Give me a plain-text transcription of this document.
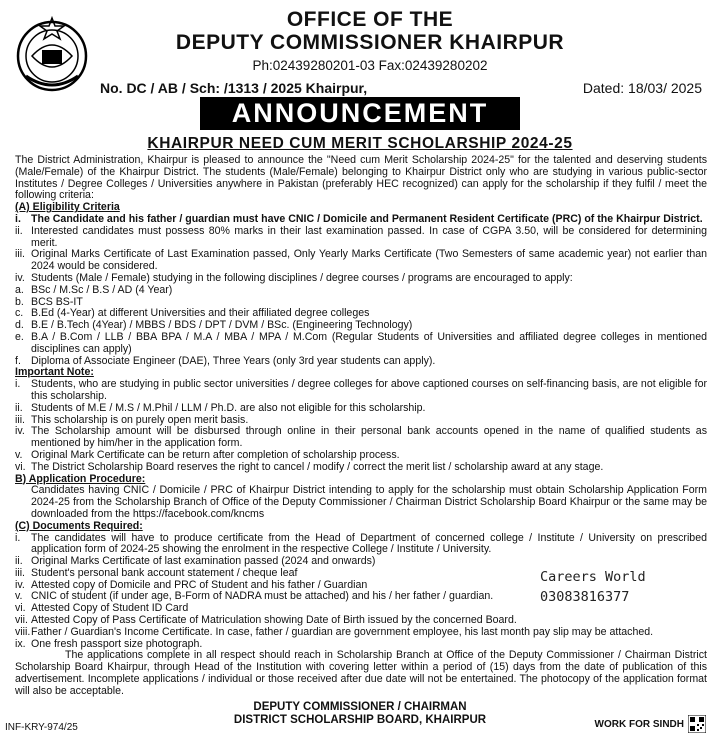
OFFICE OF THE
DEPUTY COMMISSIONER KHAIRPUR
Ph:02439280201-03 Fax:02439280202
No. DC / AB / Sch: /1313 / 2025 Khairpur,	Dated: 18/03/ 2025
ANNOUNCEMENT
KHAIRPUR NEED CUM MERIT SCHOLARSHIP 2024-25

The District Administration, Khairpur is pleased to announce the "Need cum Merit Scholarship 2024-25" for the talented and deserving students (Male/Female) of the Khairpur District. The students (Male/Female) belonging to Khairpur District only who are studying in various public-sector Institutes / Degree Colleges / Universities anywhere in Pakistan (preferably HEC recognized) can apply for the scholarship if they fulfil / meet the following criteria:

(A) Eligibility Criteria

i. The Candidate and his father / guardian must have CNIC / Domicile and Permanent Resident Certificate (PRC) of the Khairpur District.
ii. Interested candidates must possess 80% marks in their last examination passed. In case of CGPA 3.50, will be considered for determining merit.
iii. Original Marks Certificate of Last Examination passed, Only Yearly Marks Certificate (Two Semesters of same academic year) not earlier than 2024 would be considered.
iv. Students (Male / Female) studying in the following disciplines / degree courses / programs are encouraged to apply:
a. BSc / M.Sc / B.S / AD (4 Year)
b. BCS BS-IT
c. B.Ed (4-Year) at different Universities and their affiliated degree colleges
d. B.E / B.Tech (4Year) / MBBS / BDS / DPT / DVM / BSc. (Engineering Technology)
e. B.A / B.Com / LLB / BBA BPA / M.A / MBA / MPA / M.Com (Regular Students of Universities and affiliated degree colleges in mentioned disciplines can apply)
f. Diploma of Associate Engineer (DAE), Three Years (only 3rd year students can apply).

Important Note:

i.	Students, who are studying in public sector universities / degree colleges for above captioned courses on self-financing basis, are not eligible for this scholarship.
ii. Students of M.E / M.S / M.Phil / LLM / Ph.D. are also not eligible for this scholarship.
iii. This scholarship is on purely open merit basis.
iv. The Scholarship amount will be disbursed through online in their personal bank accounts opened in the name of qualified students as mentioned by him/her in the application form.
v. Original Mark Certificate can be return after completion of scholarship process.
vi. The District Scholarship Board reserves the right to cancel / modify / correct the merit list / scholarship award at any stage.

B) Application Procedure:

Candidates having CNIC / Domicile / PRC of Khairpur District intending to apply for the scholarship must obtain Scholarship Application Form 2024-25 from the Scholarship Branch of Office of the Deputy Commissioner / Chairman District Scholarship Board Khairpur or the same may be downloaded from the https://facebook.com/kncms

(C) Documents Required:

i.	The candidates will have to produce certificate from the Head of Department of concerned college / Institute / University on prescribed application form of 2024-25 showing the enrolment in the respective College / Institute / University.
ii. Original Marks Certificate of last examination passed (2024 and onwards)
iii. Student's personal bank account statement / cheque leaf
iv. Attested copy of Domicile and PRC of Student and his father / Guardian
v. CNIC of student (if under age, B-Form of NADRA must be attached) and his / her father / guardian.
vi. Attested Copy of Student ID Card
vii. Attested Copy of Pass Certificate of Matriculation showing Date of Birth issued by the concerned Board.
viii. Father / Guardian's Income Certificate. In case, father / guardian are government employee, his last month pay slip may be attached.
ix. One fresh passport size photograph.

The applications complete in all respect should reach in Scholarship Branch at Office of the Deputy Commissioner / Chairman District Scholarship Board Khairpur, through Head of the Institution with covering letter within a period of (15) days from the date of publication of this advertisement. Incomplete applications / individual or those received after due date will not be entertained. The photocopy of the application format will also be acceptable.

Careers World
03083816377
DEPUTY COMMISSIONER / CHAIRMAN
DISTRICT SCHOLARSHIP BOARD, KHAIRPUR
INF-KRY-974/25	WORK FOR SINDH
